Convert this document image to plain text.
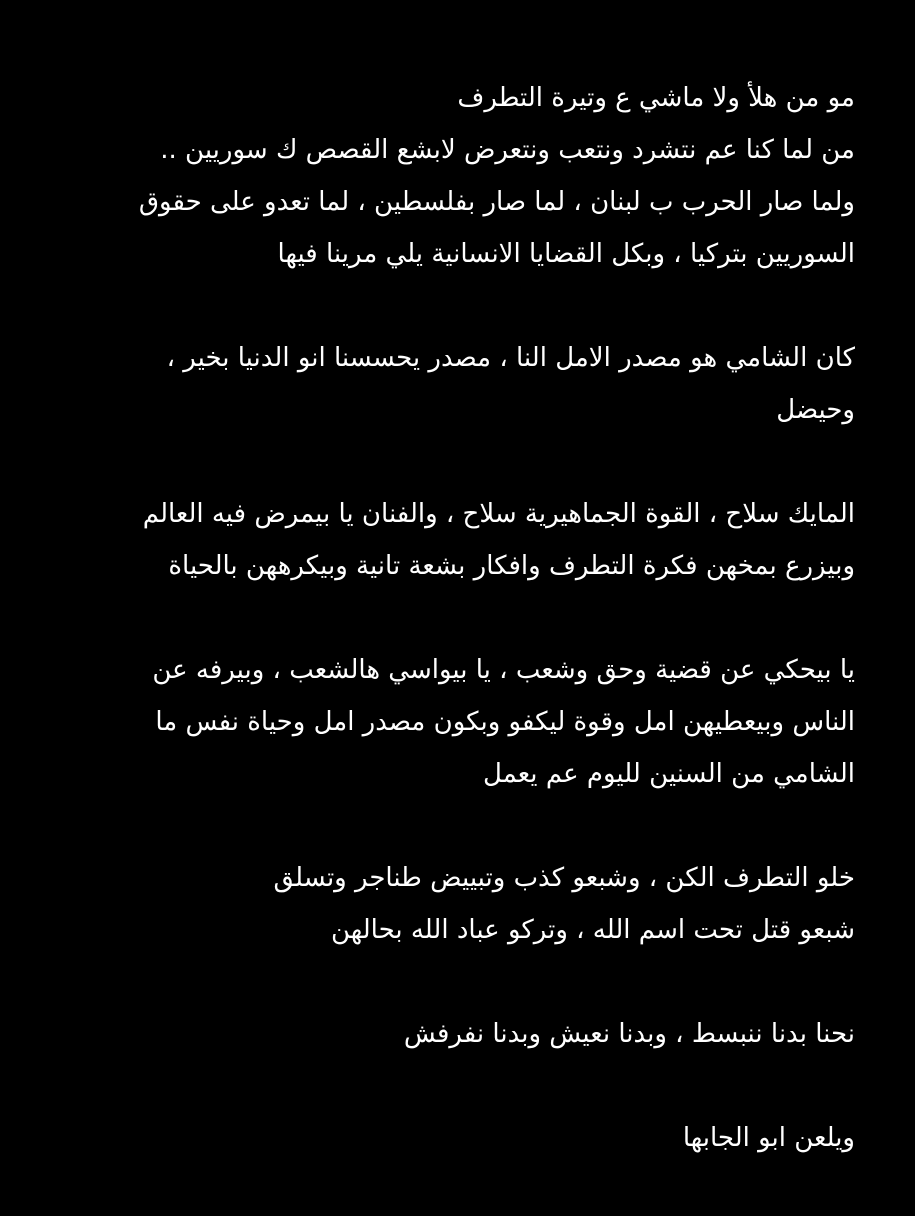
مو من هلأ ولا ماشي ع وتيرة التطرف
من لما كنا عم نتشرد ونتعب ونتعرض لابشع القصص ك سوريين ..
ولما صار الحرب ب لبنان ، لما صار بفلسطين ، لما تعدو على حقوق
السوريين بتركيا ، وبكل القضايا الانسانية يلي مرينا فيها

كان الشامي هو مصدر الامل النا ، مصدر يحسسنا انو الدنيا بخير ،
وحيضل

المايك سلاح ، القوة الجماهيرية سلاح ، والفنان يا بيمرض فيه العالم
وبيزرع بمخهن فكرة التطرف وافكار بشعة تانية وبيكرههن بالحياة

يا بيحكي عن قضية وحق وشعب ، يا بيواسي هالشعب ، وبيرفه عن
الناس وبيعطيهن امل وقوة ليكفو وبكون مصدر امل وحياة نفس ما
الشامي من السنين لليوم عم يعمل

خلو التطرف الكن ، وشبعو كذب وتبييض طناجر وتسلق
شبعو قتل تحت اسم الله ، وتركو عباد الله بحالهن

نحنا بدنا ننبسط ، وبدنا نعيش وبدنا نفرفش

ويلعن ابو الجابها
